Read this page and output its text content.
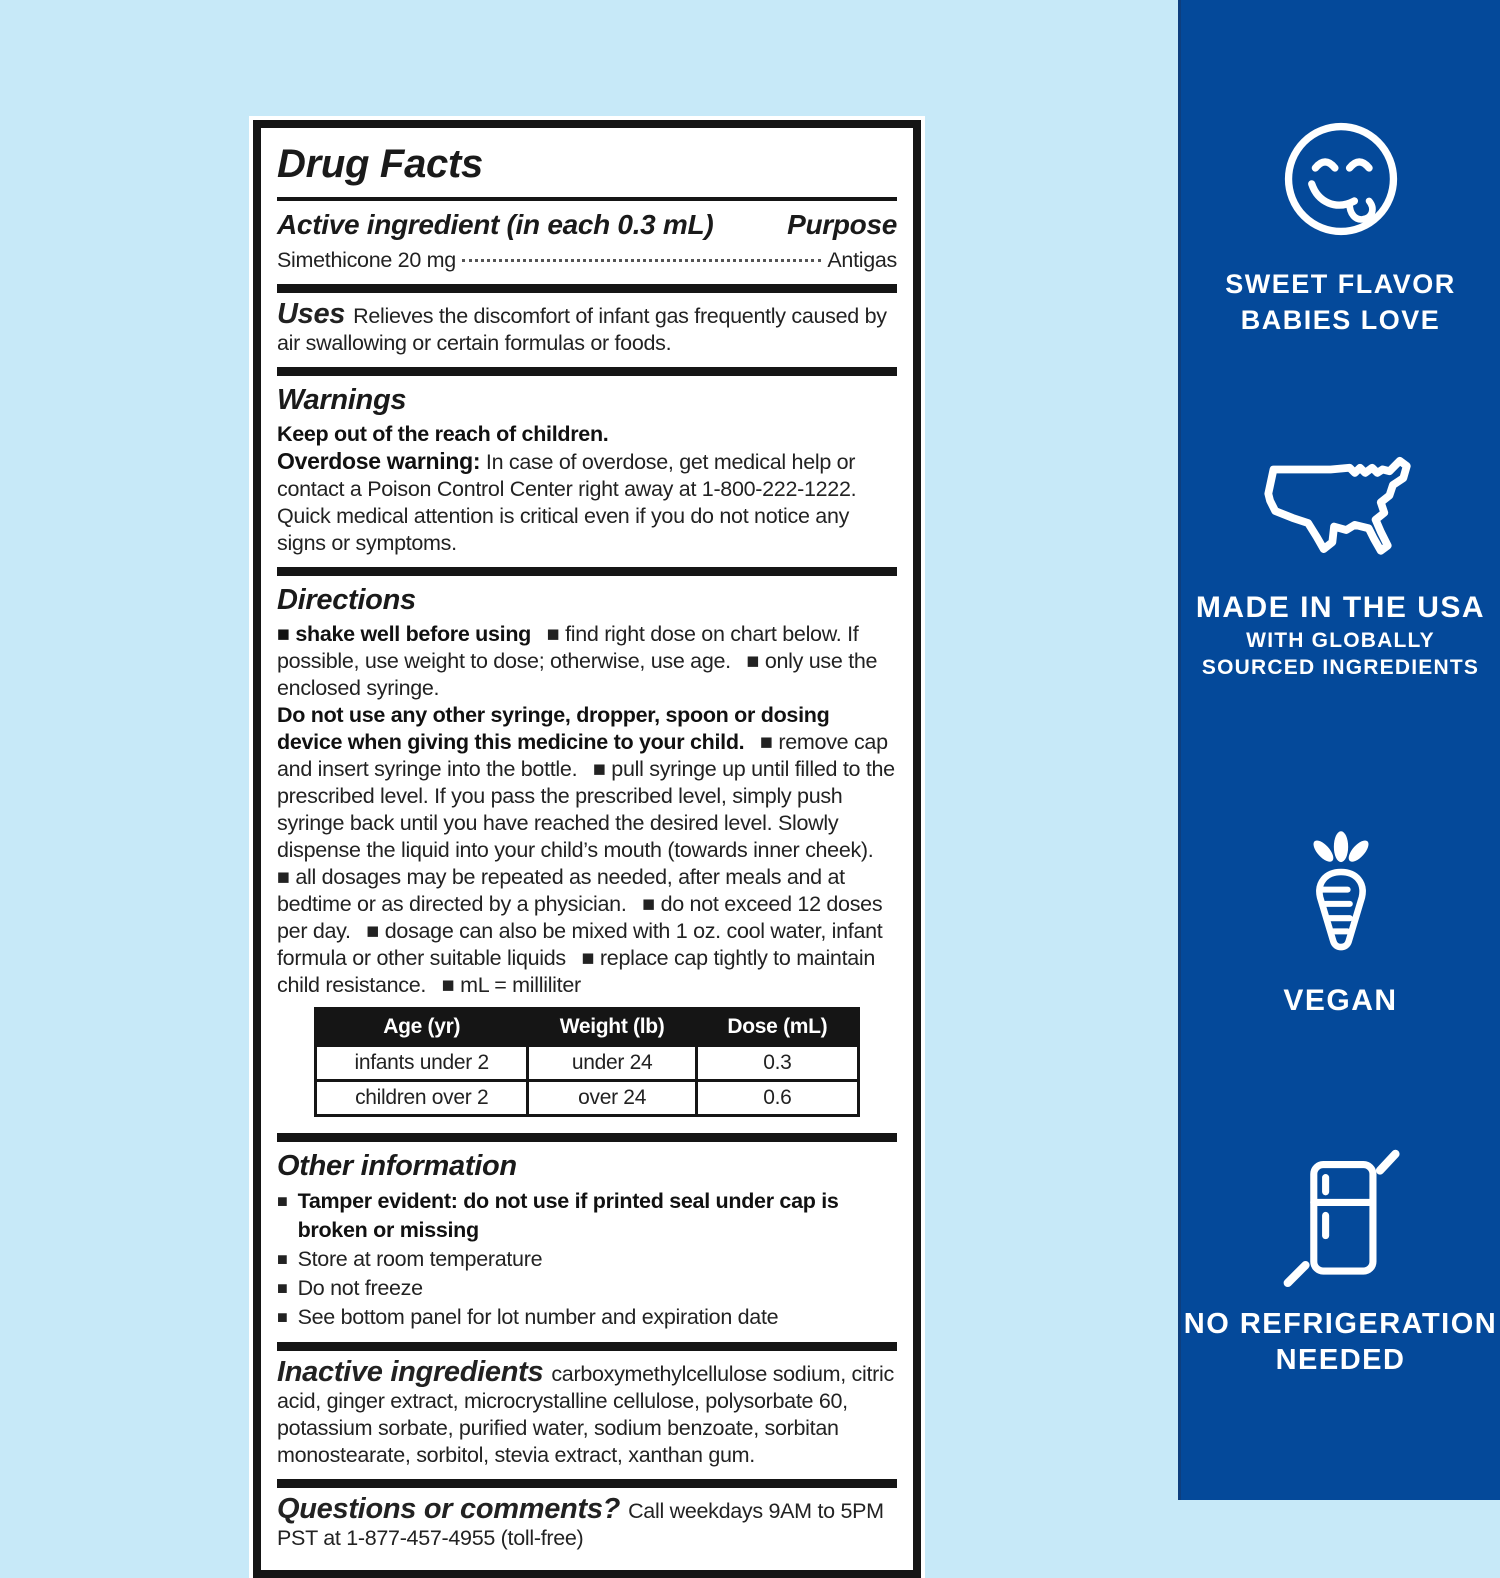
Drug Facts
Active ingredient (in each 0.3 mL)	Purpose
Simethicone 20 mg	Antigas

Uses Relieves the discomfort of infant gas frequently caused by air swallowing or certain formulas or foods.

Warnings

Keep out of the reach of children.

Overdose warning: In case of overdose, get medical help or contact a Poison Control Center right away at 1-800-222-1222. Quick medical attention is critical even if you do not notice any signs or symptoms.

Directions

■ shake well before using ■ find right dose on chart below. If possible, use weight to dose; otherwise, use age. ■ only use the enclosed syringe.

Do not use any other syringe, dropper, spoon or dosing device when giving this medicine to your child. ■ remove cap and insert syringe into the bottle. ■ pull syringe up until filled to the prescribed level. If you pass the prescribed level, simply push syringe back until you have reached the desired level. Slowly dispense the liquid into your child’s mouth (towards inner cheek). ■ all dosages may be repeated as needed, after meals and at bedtime or as directed by a physician. ■ do not exceed 12 doses per day. ■ dosage can also be mixed with 1 oz. cool water, infant formula or other suitable liquids ■ replace cap tightly to maintain child resistance. ■ mL = milliliter

Age (yr)	Weight (lb)	Dose (mL)
infants under 2	under 24	0.3
children over 2	over 24	0.6
Other information
■ Tamper evident: do not use if printed seal under cap is broken or missing
■ Store at room temperature
■ Do not freeze
■ See bottom panel for lot number and expiration date

Inactive ingredients carboxymethylcellulose sodium, citric acid, ginger extract, microcrystalline cellulose, polysorbate 60, potassium sorbate, purified water, sodium benzoate, sorbitan monostearate, sorbitol, stevia extract, xanthan gum.

Questions or comments? Call weekdays 9AM to 5PM PST at 1-877-457-4955 (toll-free)

SWEET FLAVOR
BABIES LOVE
MADE IN THE USA
WITH GLOBALLY
SOURCED INGREDIENTS
VEGAN
NO REFRIGERATION
NEEDED
